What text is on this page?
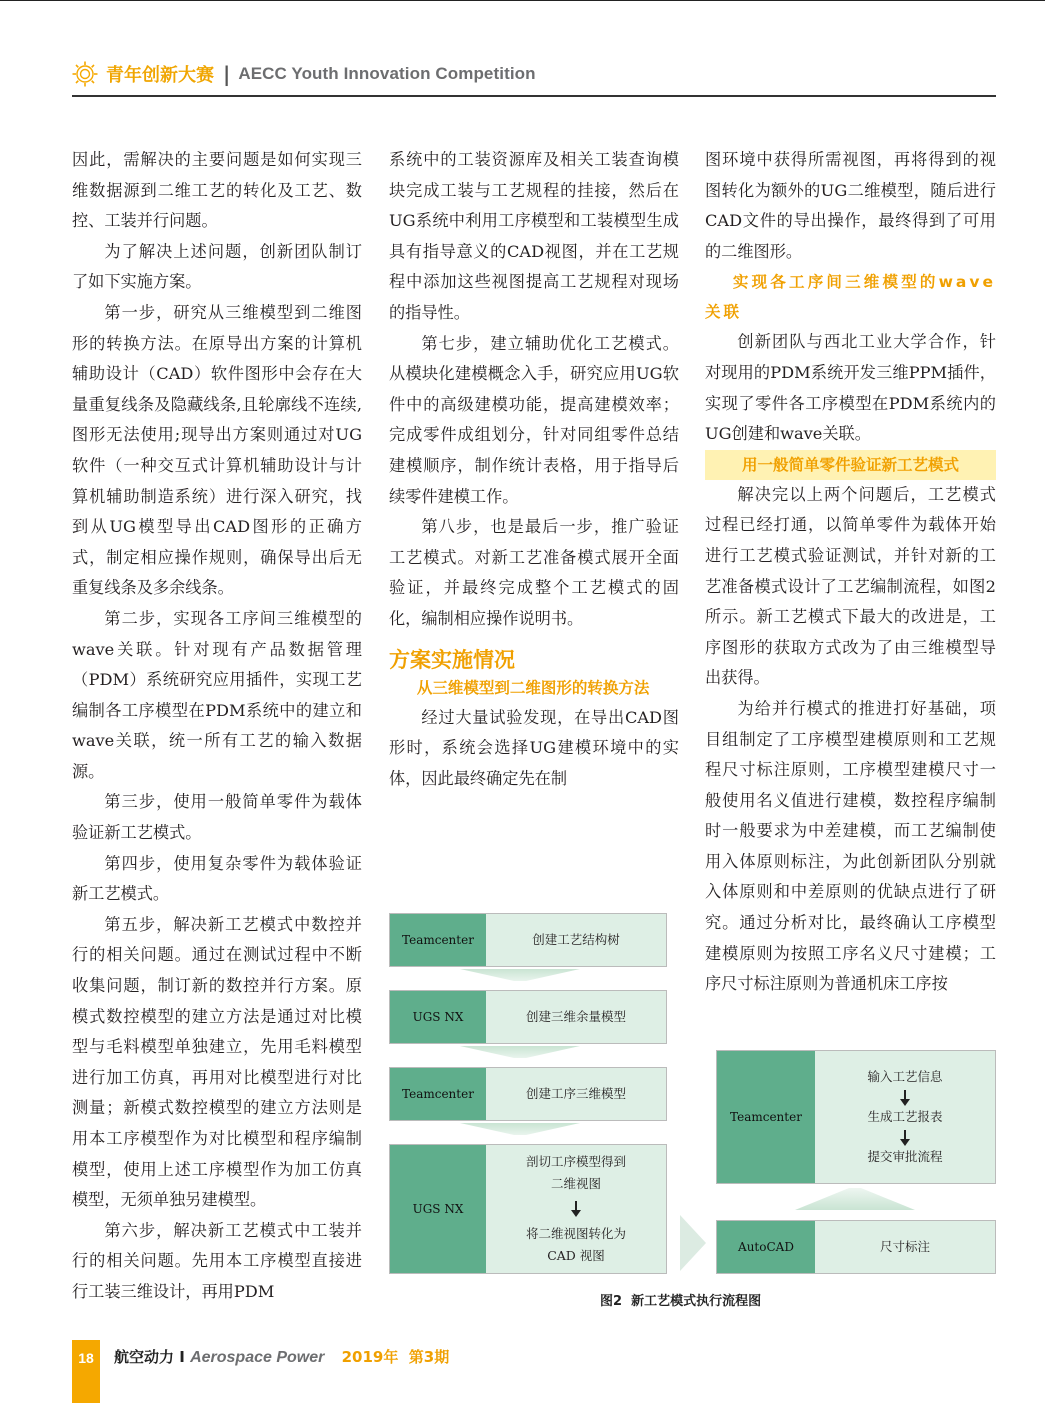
青年创新大赛 | AECC Youth Innovation Competition

因此，需解决的主要问题是如何实现三维数据源到二维工艺的转化及工艺、数控、工装并行问题。

为了解决上述问题，创新团队制订了如下实施方案。

第一步，研究从三维模型到二维图形的转换方法。在原导出方案的计算机辅助设计（CAD）软件图形中会存在大量重复线条及隐藏线条,且轮廓线不连续,图形无法使用;现导出方案则通过对UG软件（一种交互式计算机辅助设计与计算机辅助制造系统）进行深入研究，找到从UG模型导出CAD图形的正确方式，制定相应操作规则，确保导出后无重复线条及多余线条。

第二步，实现各工序间三维模型的wave关联。针对现有产品数据管理（PDM）系统研究应用插件，实现工艺编制各工序模型在PDM系统中的建立和wave关联，统一所有工艺的输入数据源。

第三步，使用一般简单零件为载体验证新工艺模式。

第四步，使用复杂零件为载体验证新工艺模式。

第五步，解决新工艺模式中数控并行的相关问题。通过在测试过程中不断收集问题，制订新的数控并行方案。原模式数控模型的建立方法是通过对比模型与毛料模型单独建立，先用毛料模型进行加工仿真，再用对比模型进行对比测量；新模式数控模型的建立方法则是用本工序模型作为对比模型和程序编制模型，使用上述工序模型作为加工仿真模型，无须单独另建模型。

第六步，解决新工艺模式中工装并行的相关问题。先用本工序模型直接进行工装三维设计，再用PDM

系统中的工装资源库及相关工装查询模块完成工装与工艺规程的挂接，然后在UG系统中利用工序模型和工装模型生成具有指导意义的CAD视图，并在工艺规程中添加这些视图提高工艺规程对现场的指导性。

第七步，建立辅助优化工艺模式。从模块化建模概念入手，研究应用UG软件中的高级建模功能，提高建模效率；完成零件成组划分，针对同组零件总结建模顺序，制作统计表格，用于指导后续零件建模工作。

第八步，也是最后一步，推广验证工艺模式。对新工艺准备模式展开全面验证，并最终完成整个工艺模式的固化，编制相应操作说明书。

方案实施情况

从三维模型到二维图形的转换方法

经过大量试验发现，在导出CAD图形时，系统会选择UG建模环境中的实体，因此最终确定先在制

图环境中获得所需视图，再将得到的视图转化为额外的UG二维模型，随后进行CAD文件的导出操作，最终得到了可用的二维图形。

实现各工序间三维模型的wave关联

创新团队与西北工业大学合作，针对现用的PDM系统开发三维PPM插件，实现了零件各工序模型在PDM系统内的UG创建和wave关联。

用一般简单零件验证新工艺模式

解决完以上两个问题后，工艺模式过程已经打通，以简单零件为载体开始进行工艺模式验证测试，并针对新的工艺准备模式设计了工艺编制流程，如图2所示。新工艺模式下最大的改进是，工序图形的获取方式改为了由三维模型导出获得。

为给并行模式的推进打好基础，项目组制定了工序模型建模原则和工艺规程尺寸标注原则，工序模型建模尺寸一般使用名义值进行建模，数控程序编制时一般要求为中差建模，而工艺编制使用入体原则标注，为此创新团队分别就入体原则和中差原则的优缺点进行了研究。通过分析对比，最终确认工序模型建模原则为按照工序名义尺寸建模；工序尺寸标注原则为普通机床工序按

Teamcenter	创建工艺结构树
UGS NX	创建三维余量模型
Teamcenter	创建工序三维模型
UGS NX
剖切工序模型得到二维视图
将二维视图转化为CAD 视图
Teamcenter
输入工艺信息
生成工艺报表
提交审批流程
AutoCAD	尺寸标注
图2  新工艺模式执行流程图
18 航空动力 I Aerospace Power 2019年  第3期
